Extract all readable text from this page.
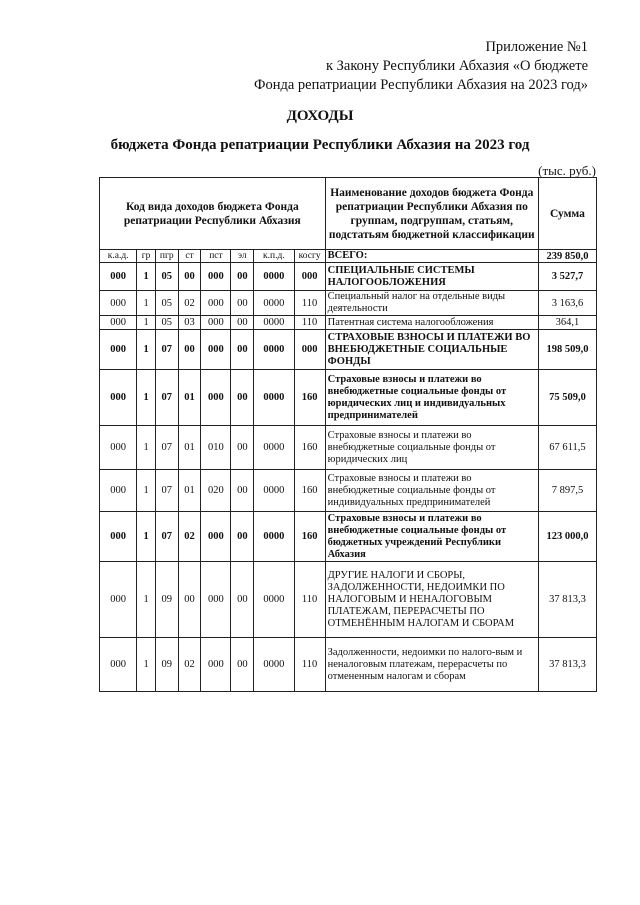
Приложение №1
к Закону Республики Абхазия «О бюджете
Фонда репатриации Республики Абхазия на 2023 год»
ДОХОДЫ
бюджета Фонда репатриации Республики Абхазия на 2023 год
(тыс. руб.)
Код вида доходов бюджета Фонда репатриации Республики Абхазия								Наименование доходов бюджета Фонда репатриации Республики Абхазия по группам, подгруппам, статьям, подстатьям бюджетной классификации	Сумма
к.а.д.	гр	пгр	ст	пст	эл	к.п.д.	косгу	ВСЕГО:	239 850,0
000	1	05	00	000	00	0000	000	СПЕЦИАЛЬНЫЕ СИСТЕМЫ НАЛОГООБЛОЖЕНИЯ	3 527,7
000	1	05	02	000	00	0000	110	Специальный налог на отдельные виды деятельности	3 163,6
000	1	05	03	000	00	0000	110	Патентная система налогообложения	364,1
000	1	07	00	000	00	0000	000	СТРАХОВЫЕ ВЗНОСЫ И ПЛАТЕЖИ ВО ВНЕБЮДЖЕТНЫЕ СОЦИАЛЬНЫЕ ФОНДЫ	198 509,0
000	1	07	01	000	00	0000	160	Страховые взносы и платежи во внебюджетные социальные фонды от юридических лиц и индивидуальных предпринимателей	75 509,0
000	1	07	01	010	00	0000	160	Страховые взносы и платежи во внебюджетные социальные фонды от юридических лиц	67 611,5
000	1	07	01	020	00	0000	160	Страховые взносы и платежи во внебюджетные социальные фонды от индивидуальных предпринимателей	7 897,5
000	1	07	02	000	00	0000	160	Страховые взносы и платежи во внебюджетные социальные фонды от бюджетных учреждений Республики Абхазия	123 000,0
000	1	09	00	000	00	0000	110	ДРУГИЕ НАЛОГИ И СБОРЫ, ЗАДОЛЖЕННОСТИ, НЕДОИМКИ ПО НАЛОГОВЫМ И НЕНАЛОГОВЫМ ПЛАТЕЖАМ, ПЕРЕРАСЧЕТЫ ПО ОТМЕНЁННЫМ НАЛОГАМ И СБОРАМ	37 813,3
000	1	09	02	000	00	0000	110	Задолженности, недоимки по налого-вым и неналоговым платежам, перерасчеты по отмененным налогам и сборам	37 813,3
